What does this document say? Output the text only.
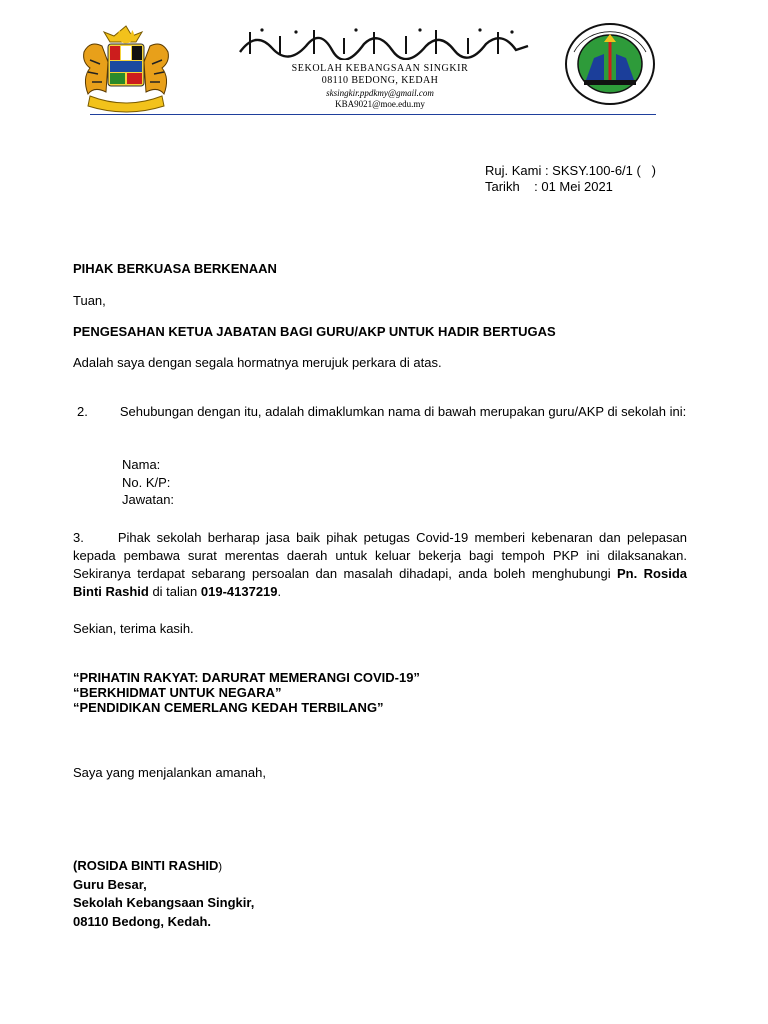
SEKOLAH KEBANGSAAN SINGKIR
08110 BEDONG, KEDAH
sksingkir.ppdkmy@gmail.com
KBA9021@moe.edu.my
Ruj. Kami : SKSY.100-6/1 (   )
Tarikh    : 01 Mei 2021
PIHAK BERKUASA BERKENAAN
Tuan,
PENGESAHAN KETUA JABATAN BAGI GURU/AKP UNTUK HADIR BERTUGAS
Adalah saya dengan segala hormatnya merujuk perkara di atas.
2. Sehubungan dengan itu, adalah dimaklumkan nama di bawah merupakan guru/AKP di sekolah ini:
Nama:
No. K/P:
Jawatan:
3.	Pihak sekolah berharap jasa baik pihak petugas Covid-19 memberi kebenaran dan pelepasan kepada pembawa surat merentas daerah untuk keluar bekerja bagi tempoh PKP ini dilaksanakan. Sekiranya terdapat sebarang persoalan dan masalah dihadapi, anda boleh menghubungi Pn. Rosida Binti Rashid di talian 019-4137219.
Sekian, terima kasih.
“PRIHATIN RAKYAT: DARURAT MEMERANGI COVID-19”
“BERKHIDMAT UNTUK NEGARA”
“PENDIDIKAN CEMERLANG KEDAH TERBILANG”
Saya yang menjalankan amanah,
(ROSIDA BINTI RASHID)
Guru Besar,
Sekolah Kebangsaan Singkir,
08110 Bedong, Kedah.
